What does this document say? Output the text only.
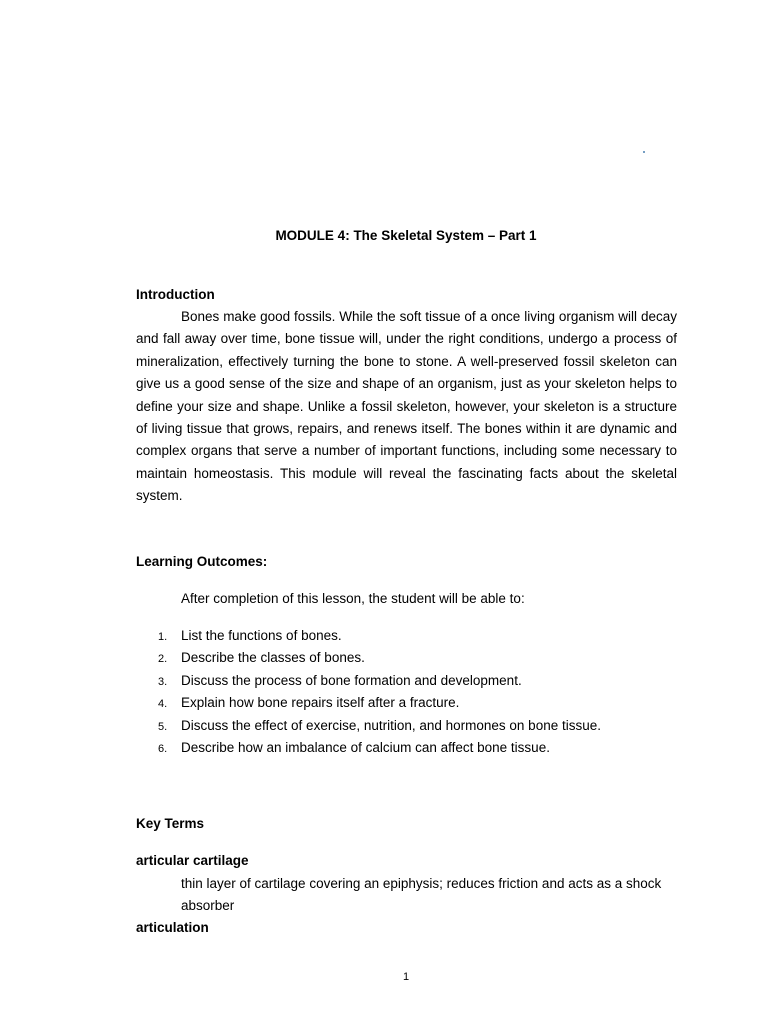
MODULE 4: The Skeletal System – Part 1
Introduction

Bones make good fossils. While the soft tissue of a once living organism will decay and fall away over time, bone tissue will, under the right conditions, undergo a process of mineralization, effectively turning the bone to stone. A well-preserved fossil skeleton can give us a good sense of the size and shape of an organism, just as your skeleton helps to define your size and shape. Unlike a fossil skeleton, however, your skeleton is a structure of living tissue that grows, repairs, and renews itself. The bones within it are dynamic and complex organs that serve a number of important functions, including some necessary to maintain homeostasis. This module will reveal the fascinating facts about the skeletal system.

Learning Outcomes:
After completion of this lesson, the student will be able to:
1. List the functions of bones.
2. Describe the classes of bones.
3. Discuss the process of bone formation and development.
4. Explain how bone repairs itself after a fracture.
5. Discuss the effect of exercise, nutrition, and hormones on bone tissue.
6. Describe how an imbalance of calcium can affect bone tissue.
Key Terms
articular cartilage

thin layer of cartilage covering an epiphysis; reduces friction and acts as a shock absorber

articulation
1
